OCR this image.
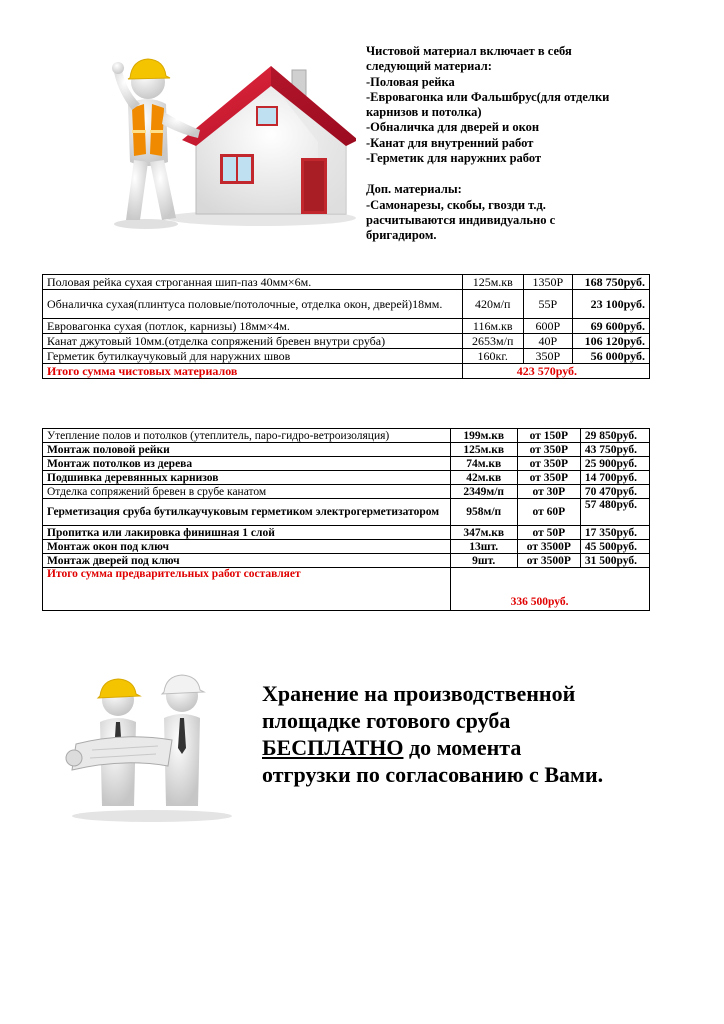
Чистовой материал включает в себя
следующий материал:
-Половая рейка
-Евровагонка или Фальшбрус(для отделки
карнизов и потолка)
-Обналичка для дверей и окон
-Канат для внутренний работ
-Герметик для наружних работ
Доп. материалы:
-Самонарезы, скобы, гвозди т.д.
расчитываются индивидуально с
бригадиром.
Половая рейка сухая строганная шип-паз 40мм×6м.	125м.кв	1350Р	168 750руб.
Обналичка сухая(плинтуса половые/потолочные, отделка окон, дверей)18мм.	420м/п	55Р	23 100руб.
Евровагонка сухая (потлок, карнизы) 18мм×4м.	116м.кв	600Р	69 600руб.
Канат джутовый 10мм.(отделка сопряжений бревен внутри сруба)	2653м/п	40Р	106 120руб.
Герметик бутилкаучуковый для наружних швов	160кг.	350Р	56 000руб.
Итого сумма чистовых материалов	423 570руб.		
Утепление полов и потолков (утеплитель, паро-гидро-ветроизоляция)	199м.кв	от 150Р	29 850руб.
Монтаж половой рейки	125м.кв	от 350Р	43 750руб.
Монтаж потолков из дерева	74м.кв	от 350Р	25 900руб.
Подшивка деревянных карнизов	42м.кв	от 350Р	14 700руб.
Отделка сопряжений бревен в срубе канатом	2349м/п	от 30Р	70 470руб.
Герметизация сруба бутилкаучуковым герметиком электрогерметизатором	958м/п	от 60Р	57 480руб.
Пропитка или лакировка финишная 1 слой	347м.кв	от 50Р	17 350руб.
Монтаж окон под ключ	13шт.	от 3500Р	45 500руб.
Монтаж дверей под ключ	9шт.	от 3500Р	31 500руб.
Итого сумма предварительных работ составляет	336 500руб.		
Хранение на производственной
площадке готового сруба
БЕСПЛАТНО до момента
отгрузки по согласованию с Вами.
